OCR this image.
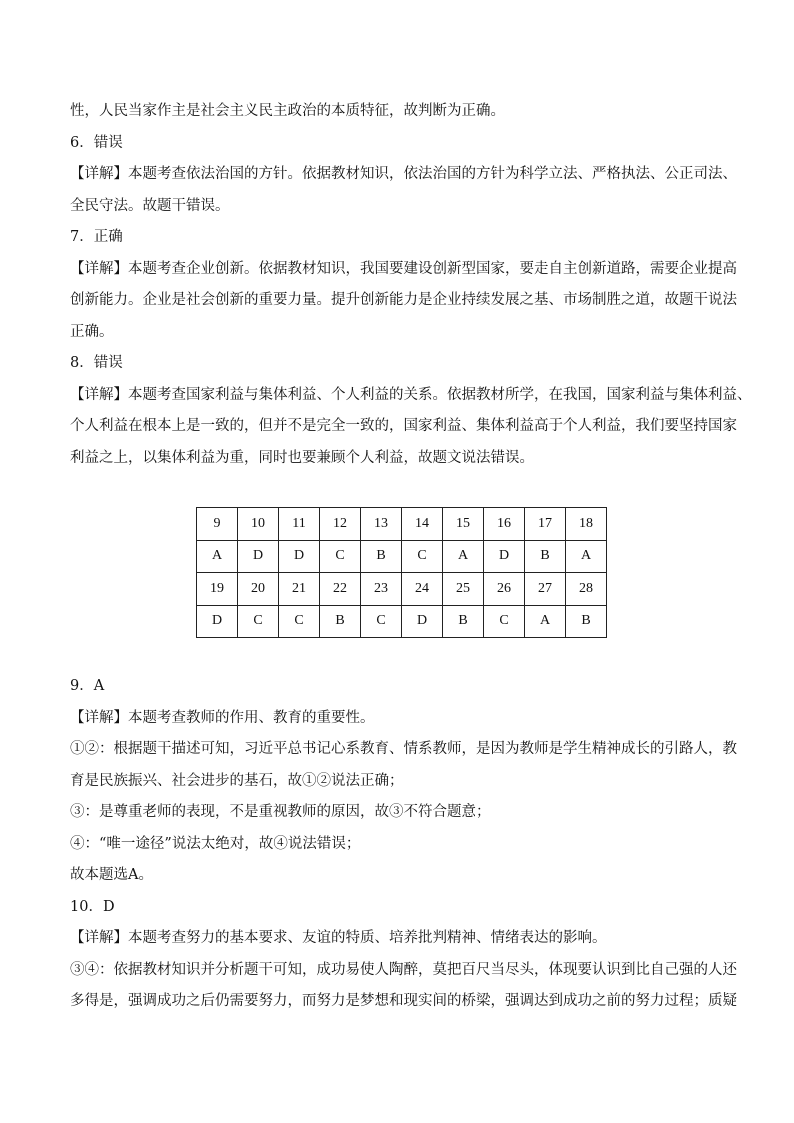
性，人民当家作主是社会主义民主政治的本质特征，故判断为正确。

6．错误

【详解】本题考查依法治国的方针。依据教材知识，依法治国的方针为科学立法、严格执法、公正司法、

全民守法。故题干错误。

7．正确

【详解】本题考查企业创新。依据教材知识，我国要建设创新型国家，要走自主创新道路，需要企业提高

创新能力。企业是社会创新的重要力量。提升创新能力是企业持续发展之基、市场制胜之道，故题干说法

正确。

8．错误

【详解】本题考查国家利益与集体利益、个人利益的关系。依据教材所学，在我国，国家利益与集体利益、

个人利益在根本上是一致的，但并不是完全一致的，国家利益、集体利益高于个人利益，我们要坚持国家

利益之上，以集体利益为重，同时也要兼顾个人利益，故题文说法错误。

9	10	11	12	13	14	15	16	17	18
A	D	D	C	B	C	A	D	B	A
19	20	21	22	23	24	25	26	27	28
D	C	C	B	C	D	B	C	A	B

9．A

【详解】本题考查教师的作用、教育的重要性。

①②：根据题干描述可知，习近平总书记心系教育、情系教师，是因为教师是学生精神成长的引路人，教

育是民族振兴、社会进步的基石，故①②说法正确；

③：是尊重老师的表现，不是重视教师的原因，故③不符合题意；

④：“唯一途径”说法太绝对，故④说法错误；

故本题选A。

10．D

【详解】本题考查努力的基本要求、友谊的特质、培养批判精神、情绪表达的影响。

③④：依据教材知识并分析题干可知，成功易使人陶醉，莫把百尺当尽头，体现要认识到比自己强的人还

多得是，强调成功之后仍需要努力，而努力是梦想和现实间的桥梁，强调达到成功之前的努力过程；质疑
